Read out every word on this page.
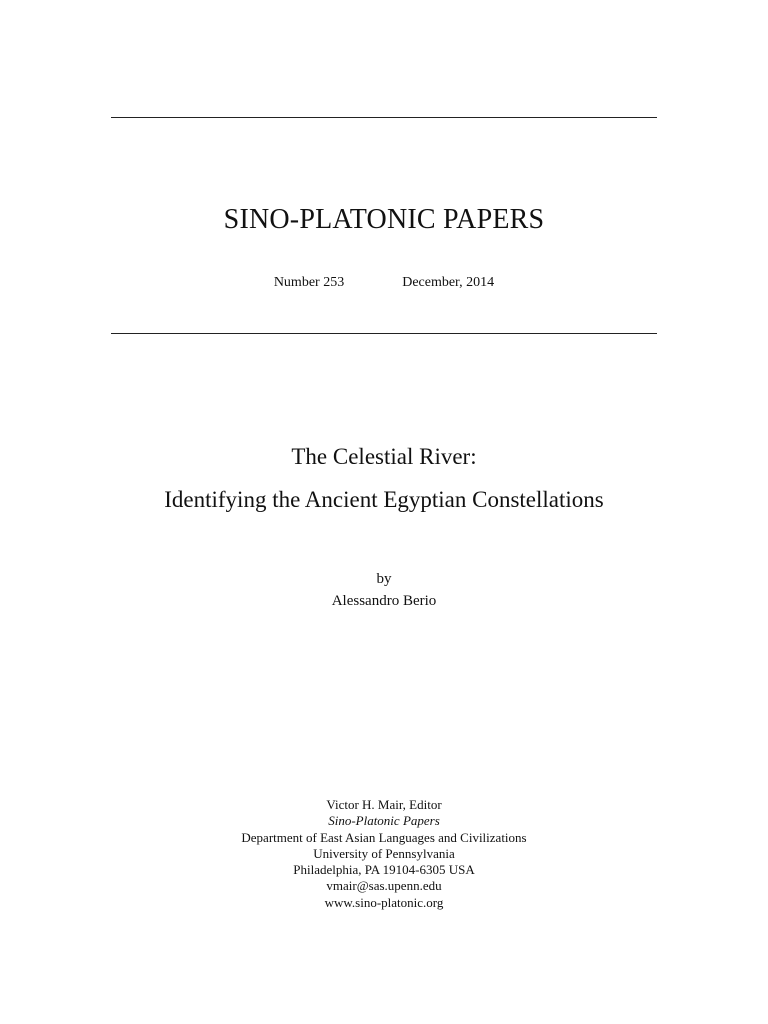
SINO-PLATONIC PAPERS
Number 253	December, 2014
The Celestial River:
Identifying the Ancient Egyptian Constellations
by
Alessandro Berio
Victor H. Mair, Editor
Sino-Platonic Papers
Department of East Asian Languages and Civilizations
University of Pennsylvania
Philadelphia, PA 19104-6305 USA
vmair@sas.upenn.edu
www.sino-platonic.org
